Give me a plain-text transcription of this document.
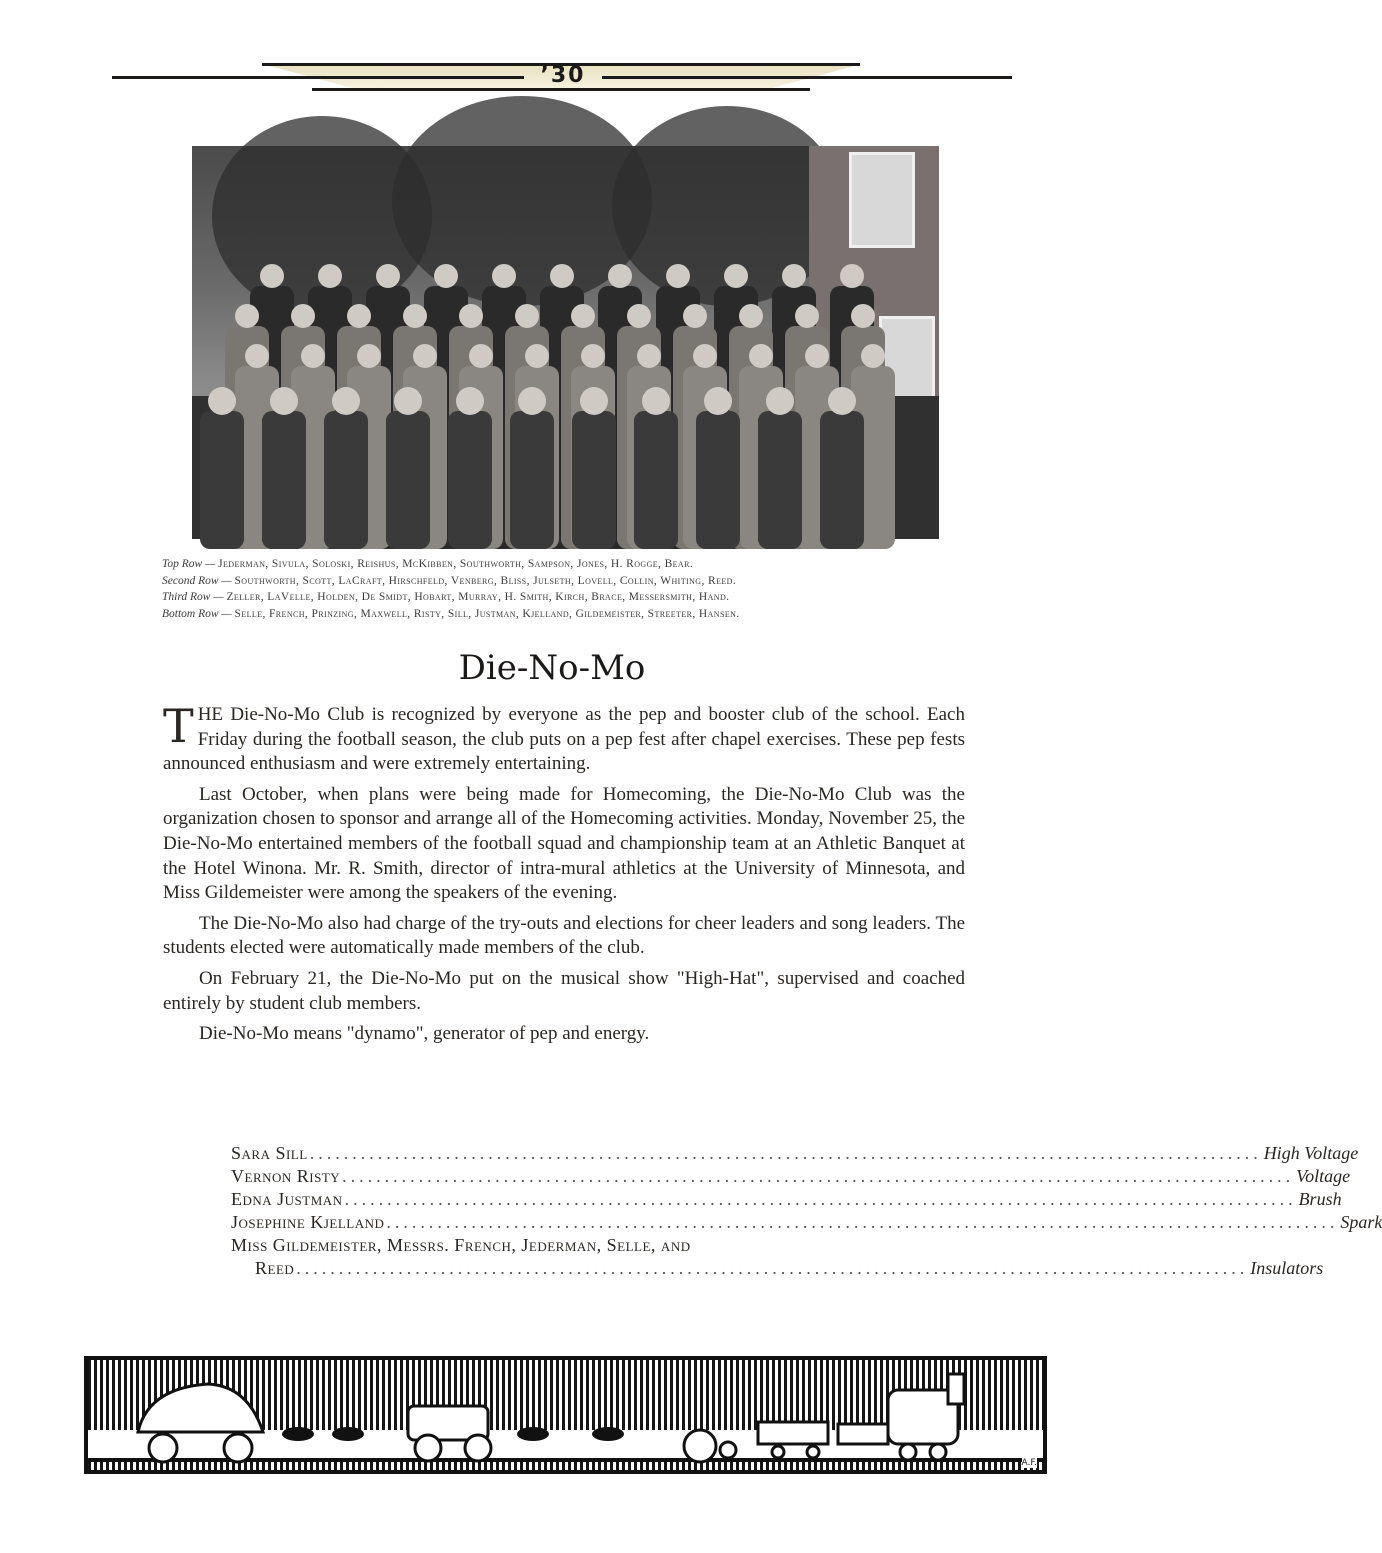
’30
Top Row — Jederman, Sivula, Soloski, Reishus, McKibben, Southworth, Sampson, Jones, H. Rogge, Bear.
Second Row — Southworth, Scott, LaCraft, Hirschfeld, Venberg, Bliss, Julseth, Lovell, Collin, Whiting, Reed.
Third Row — Zeller, LaVelle, Holden, De Smidt, Hobart, Murray, H. Smith, Kirch, Brace, Messersmith, Hand.
Bottom Row — Selle, French, Prinzing, Maxwell, Risty, Sill, Justman, Kjelland, Gildemeister, Streeter, Hansen.
Die-No-Mo

THE Die-No-Mo Club is recognized by everyone as the pep and booster club of the school. Each Friday during the football season, the club puts on a pep fest after chapel exercises. These pep fests announced enthusiasm and were extremely entertaining.

Last October, when plans were being made for Homecoming, the Die-No-Mo Club was the organization chosen to sponsor and arrange all of the Homecoming activities. Monday, November 25, the Die-No-Mo entertained members of the football squad and championship team at an Athletic Banquet at the Hotel Winona. Mr. R. Smith, director of intra-mural athletics at the University of Minnesota, and Miss Gildemeister were among the speakers of the evening.

The Die-No-Mo also had charge of the try-outs and elections for cheer leaders and song leaders. The students elected were automatically made members of the club.

On February 21, the Die-No-Mo put on the musical show "High-Hat", supervised and coached entirely by student club members.

Die-No-Mo means "dynamo", generator of pep and energy.

Sara Sill ................................................................................................................ High Voltage
Vernon Risty ................................................................................................................ Voltage
Edna Justman ................................................................................................................ Brush
Josephine Kjelland ................................................................................................................ Spark
Miss Gildemeister, Messrs. French, Jederman, Selle, and
Reed ................................................................................................................ Insulators
A.F.
